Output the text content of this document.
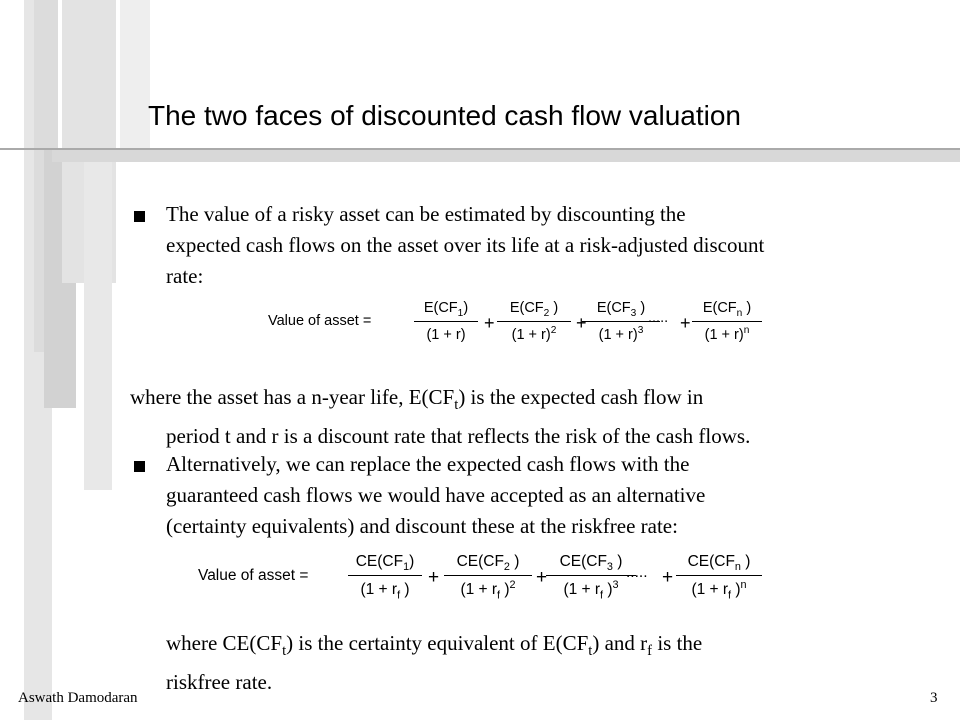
The two faces of discounted cash flow valuation
The value of a risky asset can be estimated by discounting the
expected cash flows on the asset over its life at a risk-adjusted discount
rate:
Value of asset =	$\frac{E(CF_1)}{(1 + r)} + \frac{E(CF_2 )}{(1 + r)^2}$ +
$\frac{E(CF_3 )}{(1 + r)^3}$
..... +
$E(CF_n$ )
$(1 + r)^n$
where the asset has a n-year life, $E(CF_t)$ is the expected cash flow in
period t and r is a discount rate that reflects the risk of the cash flows.
Alternatively, we can replace the expected cash flows with the
guaranteed cash flows we would have accepted as an alternative
(certainty equivalents) and discount these at the riskfree rate:
Value of asset =	$\frac{CE(CF_1)}{(1 + r_f )} + \frac{CE(CF_2 )}{(1 + r_f )^2}$ +
$\frac{CE(CF_3 )}{(1 + r_f )^3}$
..... +
$CE(CF_n$ )
($1 + r_f$ )$^n$
where $CE(CF_t)$ is the certainty equivalent of $E(CF_t)$ and $r_f$ is the
riskfree rate.
Aswath Damodaran	3
